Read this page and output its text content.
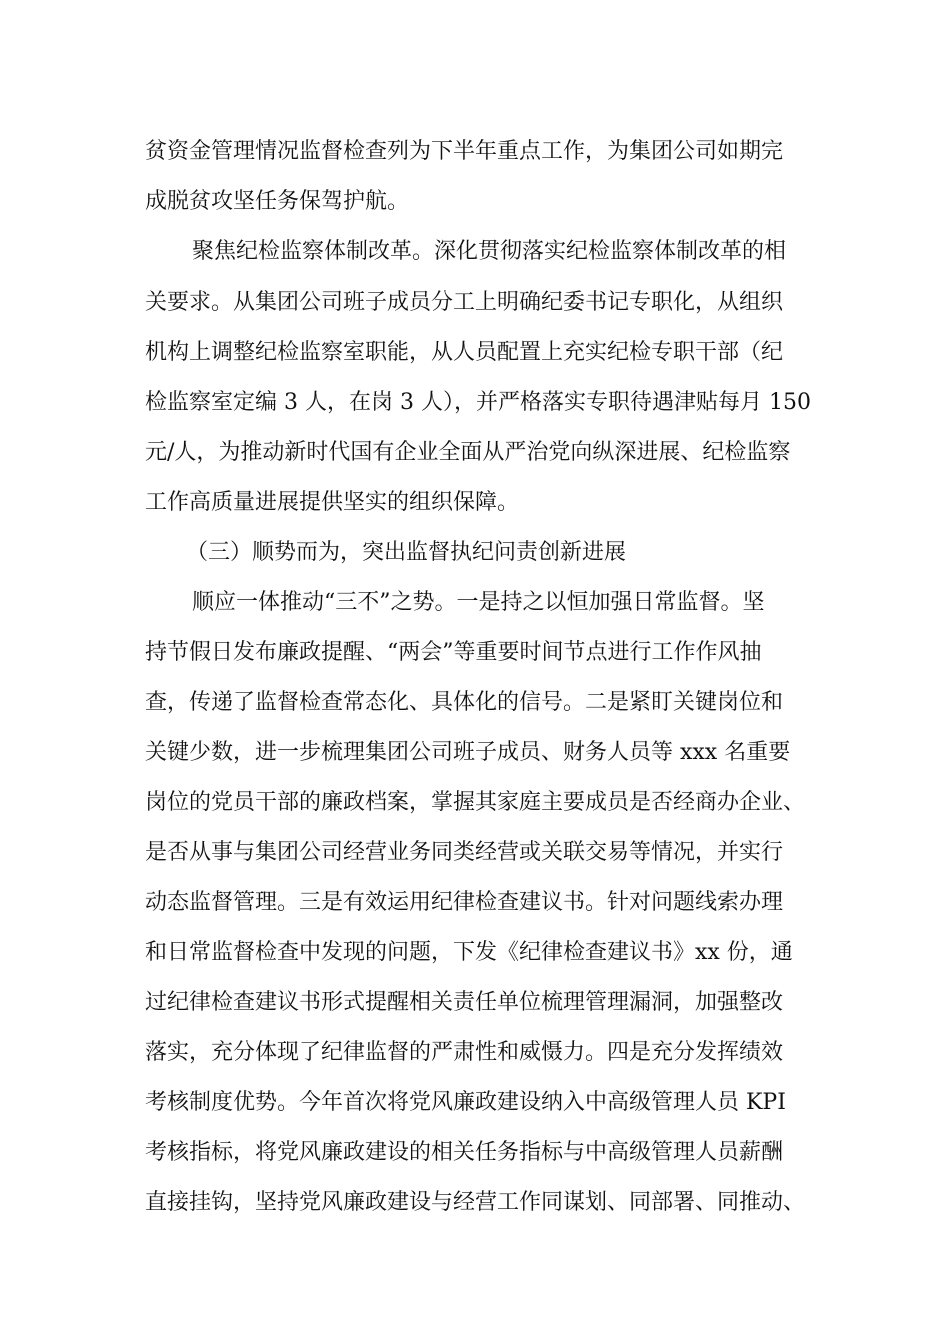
贫资金管理情况监督检查列为下半年重点工作，为集团公司如期完
成脱贫攻坚任务保驾护航。
聚焦纪检监察体制改革。深化贯彻落实纪检监察体制改革的相
关要求。从集团公司班子成员分工上明确纪委书记专职化，从组织
机构上调整纪检监察室职能，从人员配置上充实纪检专职干部（纪
检监察室定编 3 人，在岗 3 人），并严格落实专职待遇津贴每月 150
元/人，为推动新时代国有企业全面从严治党向纵深进展、纪检监察
工作高质量进展提供坚实的组织保障。
（三）顺势而为，突出监督执纪问责创新进展
顺应一体推动“三不”之势。一是持之以恒加强日常监督。坚
持节假日发布廉政提醒、“两会”等重要时间节点进行工作作风抽
查，传递了监督检查常态化、具体化的信号。二是紧盯关键岗位和
关键少数，进一步梳理集团公司班子成员、财务人员等 xxx 名重要
岗位的党员干部的廉政档案，掌握其家庭主要成员是否经商办企业、
是否从事与集团公司经营业务同类经营或关联交易等情况，并实行
动态监督管理。三是有效运用纪律检查建议书。针对问题线索办理
和日常监督检查中发现的问题，下发《纪律检查建议书》xx 份，通
过纪律检查建议书形式提醒相关责任单位梳理管理漏洞，加强整改
落实，充分体现了纪律监督的严肃性和威慑力。四是充分发挥绩效
考核制度优势。今年首次将党风廉政建设纳入中高级管理人员 KPI
考核指标，将党风廉政建设的相关任务指标与中高级管理人员薪酬
直接挂钩，坚持党风廉政建设与经营工作同谋划、同部署、同推动、
